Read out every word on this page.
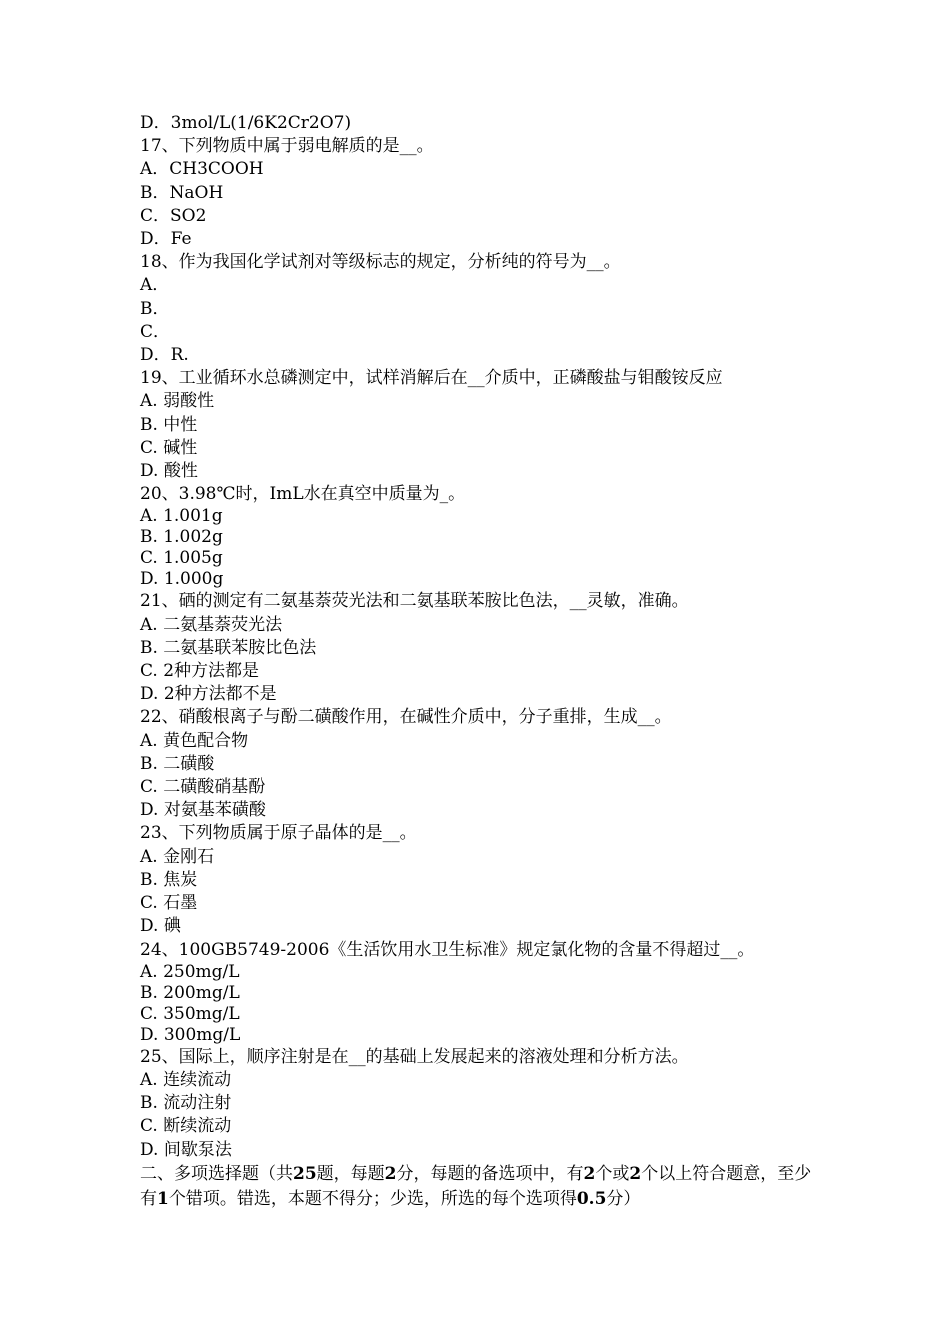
D．3mol/L(1/6K2Cr2O7)
17、下列物质中属于弱电解质的是__。
A．CH3COOH
B．NaOH
C．SO2
D．Fe
18、作为我国化学试剂对等级标志的规定，分析纯的符号为__。
A．
B．
C．
D．R.
19、工业循环水总磷测定中，试样消解后在__介质中，正磷酸盐与钼酸铵反应
A. 弱酸性
B. 中性
C. 碱性
D. 酸性
20、3.98℃时，ImL水在真空中质量为_。
A. 1.001g
B. 1.002g
C. 1.005g
D. 1.000g
21、硒的测定有二氨基萘荧光法和二氨基联苯胺比色法，__灵敏，准确。
A. 二氨基萘荧光法
B. 二氨基联苯胺比色法
C. 2种方法都是
D. 2种方法都不是
22、硝酸根离子与酚二磺酸作用，在碱性介质中，分子重排，生成__。
A. 黄色配合物
B. 二磺酸
C. 二磺酸硝基酚
D. 对氨基苯磺酸
23、下列物质属于原子晶体的是__。
A. 金刚石
B. 焦炭
C. 石墨
D. 碘
24、100GB5749-2006《生活饮用水卫生标准》规定氯化物的含量不得超过__。
A. 250mg/L
B. 200mg/L
C. 350mg/L
D. 300mg/L
25、国际上，顺序注射是在__的基础上发展起来的溶液处理和分析方法。
A. 连续流动
B. 流动注射
C. 断续流动
D. 间歇泵法
二、多项选择题（共25题，每题2分，每题的备选项中，有2个或2个以上符合题意，至少有1个错项。错选，本题不得分；少选，所选的每个选项得0.5分）
